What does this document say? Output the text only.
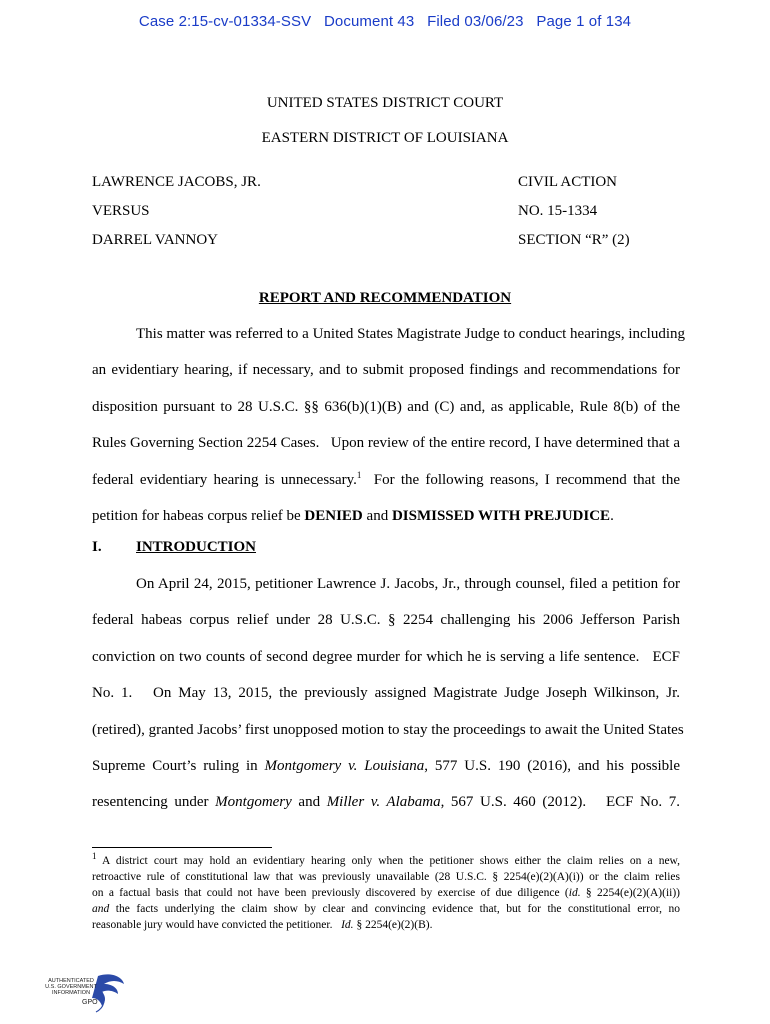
Case 2:15-cv-01334-SSV   Document 43   Filed 03/06/23   Page 1 of 134
UNITED STATES DISTRICT COURT
EASTERN DISTRICT OF LOUISIANA
LAWRENCE JACOBS, JR.
VERSUS
DARREL VANNOY
CIVIL ACTION
NO. 15-1334
SECTION “R” (2)
REPORT AND RECOMMENDATION
This matter was referred to a United States Magistrate Judge to conduct hearings, including
an evidentiary hearing, if necessary, and to submit proposed findings and recommendations for
disposition pursuant to 28 U.S.C. §§ 636(b)(1)(B) and (C) and, as applicable, Rule 8(b) of the
Rules Governing Section 2254 Cases.   Upon review of the entire record, I have determined that a
federal evidentiary hearing is unnecessary.$^1$  For the following reasons, I recommend that the
petition for habeas corpus relief be DENIED and DISMISSED WITH PREJUDICE.
I. INTRODUCTION
On April 24, 2015, petitioner Lawrence J. Jacobs, Jr., through counsel, filed a petition for
federal habeas corpus relief under 28 U.S.C. § 2254 challenging his 2006 Jefferson Parish
conviction on two counts of second degree murder for which he is serving a life sentence.   ECF
No. 1.   On May 13, 2015, the previously assigned Magistrate Judge Joseph Wilkinson, Jr.
(retired), granted Jacobs’ first unopposed motion to stay the proceedings to await the United States
Supreme Court’s ruling in Montgomery v. Louisiana, 577 U.S. 190 (2016), and his possible
resentencing under Montgomery and Miller v. Alabama, 567 U.S. 460 (2012).   ECF No. 7.
$^1$ A district court may hold an evidentiary hearing only when the petitioner shows either the claim relies on a new,
retroactive rule of constitutional law that was previously unavailable (28 U.S.C. § 2254(e)(2)(A)(i)) or the claim relies
on a factual basis that could not have been previously discovered by exercise of due diligence (id. § 2254(e)(2)(A)(ii))
and the facts underlying the claim show by clear and convincing evidence that, but for the constitutional error, no
reasonable jury would have convicted the petitioner.   Id. § 2254(e)(2)(B).
AUTHENTICATED
U.S. GOVERNMENT
INFORMATION
GPO
